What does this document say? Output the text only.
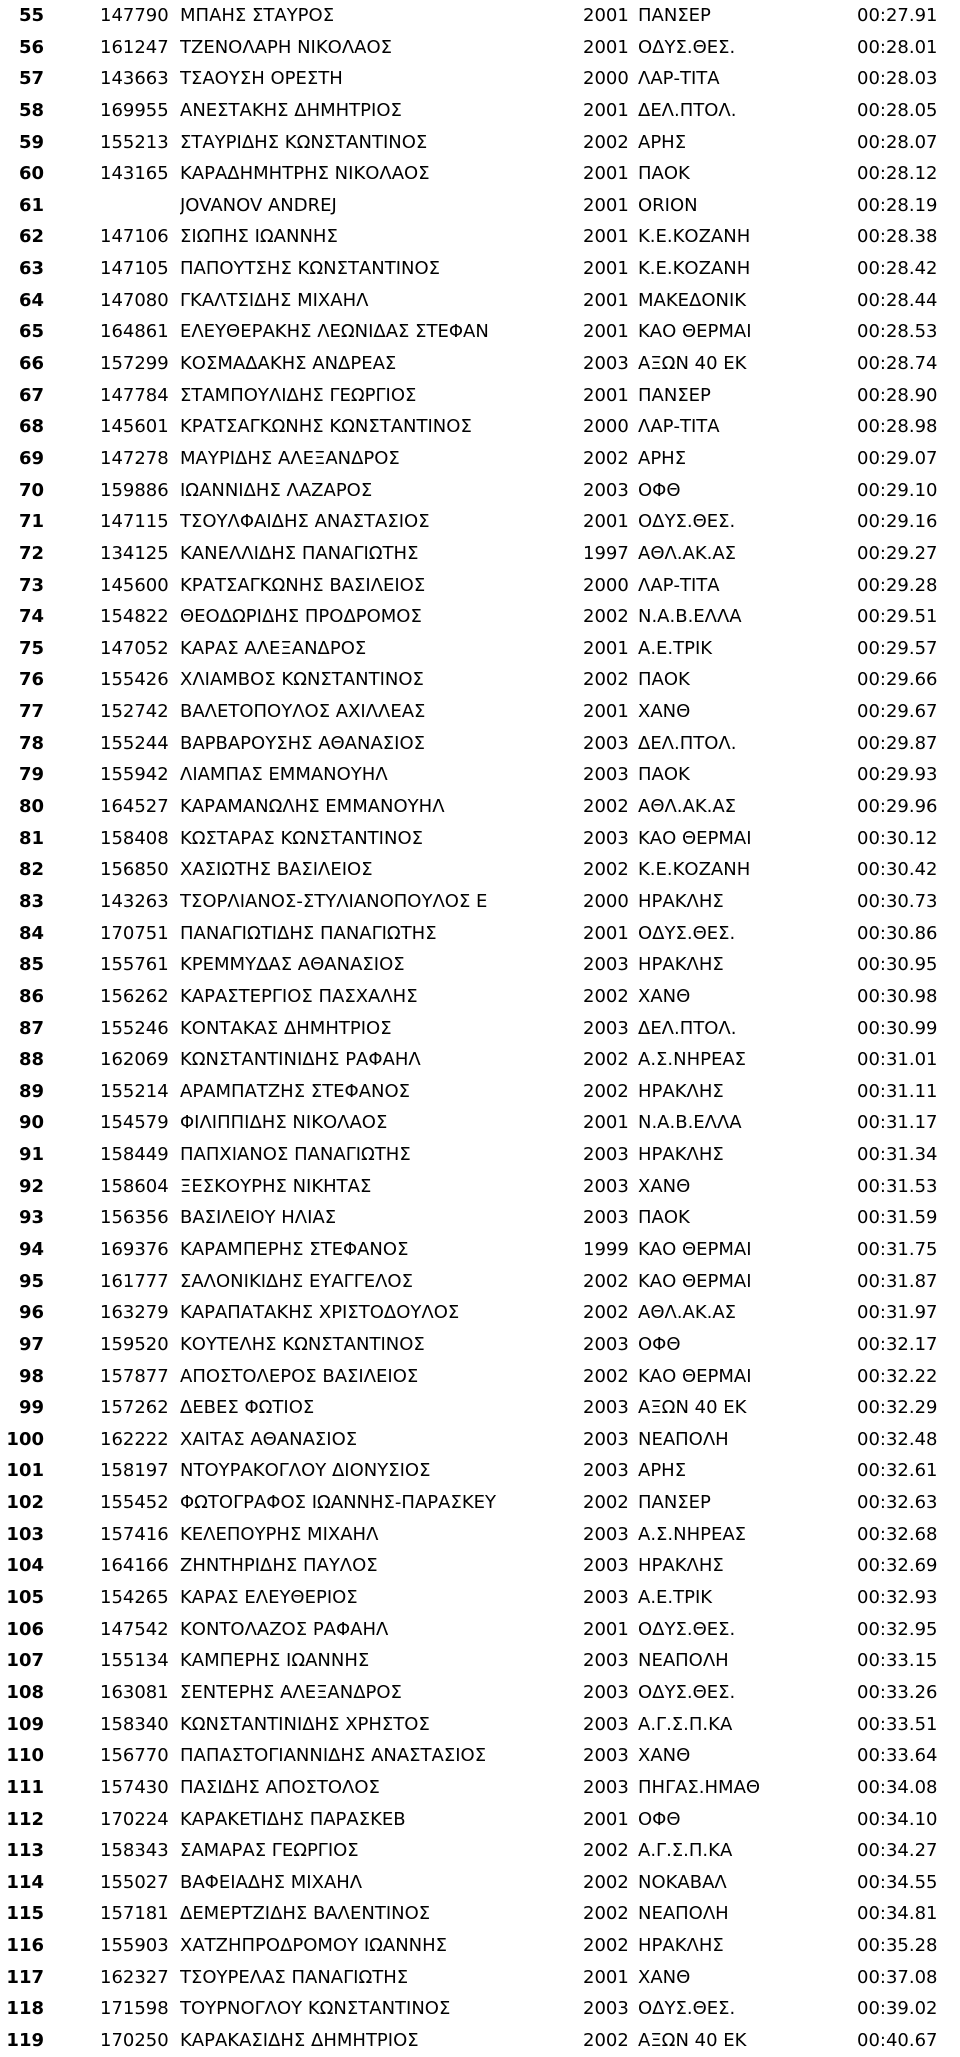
55	147790 ΜΠΑΗΣ ΣΤΑΥΡΟΣ	2001 ΠΑΝΣΕΡ	00:27.91
56	161247 ΤΖΕΝΟΛΑΡΗ ΝΙΚΟΛΑΟΣ	2001 ΟΔΥΣ.ΘΕΣ.	00:28.01
57	143663 ΤΣΑΟΥΣΗ ΟΡΕΣΤΗ	2000 ΛΑΡ-ΤΙΤΑ	00:28.03
58	169955 ΑΝΕΣΤΑΚΗΣ ΔΗΜΗΤΡΙΟΣ	2001 ΔΕΛ.ΠΤΟΛ.	00:28.05
59	155213 ΣΤΑΥΡΙΔΗΣ ΚΩΝΣΤΑΝΤΙΝΟΣ	2002 ΑΡΗΣ	00:28.07
60	143165 ΚΑΡΑΔΗΜΗΤΡΗΣ ΝΙΚΟΛΑΟΣ	2001 ΠΑΟΚ	00:28.12
61	JOVANOV ANDREJ	2001 ORION	00:28.19
62	147106 ΣΙΩΠΗΣ ΙΩΑΝΝΗΣ	2001 Κ.Ε.ΚΟΖΑΝΗ	00:28.38
63	147105 ΠΑΠΟΥΤΣΗΣ ΚΩΝΣΤΑΝΤΙΝΟΣ	2001 Κ.Ε.ΚΟΖΑΝΗ	00:28.42
64	147080 ΓΚΑΛΤΣΙΔΗΣ ΜΙΧΑΗΛ	2001 ΜΑΚΕΔΟΝΙΚ	00:28.44
65	164861 ΕΛΕΥΘΕΡΑΚΗΣ ΛΕΩΝΙΔΑΣ ΣΤΕΦΑΝ	2001 ΚΑΟ ΘΕΡΜΑΙ	00:28.53
66	157299 ΚΟΣΜΑΔΑΚΗΣ ΑΝΔΡΕΑΣ	2003 ΑΞΩΝ 40 ΕΚ	00:28.74
67	147784 ΣΤΑΜΠΟΥΛΙΔΗΣ ΓΕΩΡΓΙΟΣ	2001 ΠΑΝΣΕΡ	00:28.90
68	145601 ΚΡΑΤΣΑΓΚΩΝΗΣ ΚΩΝΣΤΑΝΤΙΝΟΣ	2000 ΛΑΡ-ΤΙΤΑ	00:28.98
69	147278 ΜΑΥΡΙΔΗΣ ΑΛΕΞΑΝΔΡΟΣ	2002 ΑΡΗΣ	00:29.07
70	159886 ΙΩΑΝΝΙΔΗΣ ΛΑΖΑΡΟΣ	2003 ΟΦΘ	00:29.10
71	147115 ΤΣΟΥΛΦΑΙΔΗΣ ΑΝΑΣΤΑΣΙΟΣ	2001 ΟΔΥΣ.ΘΕΣ.	00:29.16
72	134125 ΚΑΝΕΛΛΙΔΗΣ ΠΑΝΑΓΙΩΤΗΣ	1997 ΑΘΛ.ΑΚ.ΑΣ	00:29.27
73	145600 ΚΡΑΤΣΑΓΚΩΝΗΣ ΒΑΣΙΛΕΙΟΣ	2000 ΛΑΡ-ΤΙΤΑ	00:29.28
74	154822 ΘΕΟΔΩΡΙΔΗΣ ΠΡΟΔΡΟΜΟΣ	2002 Ν.Α.Β.ΕΛΛΑ	00:29.51
75	147052 ΚΑΡΑΣ ΑΛΕΞΑΝΔΡΟΣ	2001 Α.Ε.ΤΡΙΚ	00:29.57
76	155426 ΧΛΙΑΜΒΟΣ ΚΩΝΣΤΑΝΤΙΝΟΣ	2002 ΠΑΟΚ	00:29.66
77	152742 ΒΑΛΕΤΟΠΟΥΛΟΣ ΑΧΙΛΛΕΑΣ	2001 ΧΑΝΘ	00:29.67
78	155244 ΒΑΡΒΑΡΟΥΣΗΣ ΑΘΑΝΑΣΙΟΣ	2003 ΔΕΛ.ΠΤΟΛ.	00:29.87
79	155942 ΛΙΑΜΠΑΣ ΕΜΜΑΝΟΥΗΛ	2003 ΠΑΟΚ	00:29.93
80	164527 ΚΑΡΑΜΑΝΩΛΗΣ ΕΜΜΑΝΟΥΗΛ	2002 ΑΘΛ.ΑΚ.ΑΣ	00:29.96
81	158408 ΚΩΣΤΑΡΑΣ ΚΩΝΣΤΑΝΤΙΝΟΣ	2003 ΚΑΟ ΘΕΡΜΑΙ	00:30.12
82	156850 ΧΑΣΙΩΤΗΣ ΒΑΣΙΛΕΙΟΣ	2002 Κ.Ε.ΚΟΖΑΝΗ	00:30.42
83	143263 ΤΣΟΡΛΙΑΝΟΣ-ΣΤΥΛΙΑΝΟΠΟΥΛΟΣ Ε	2000 ΗΡΑΚΛΗΣ	00:30.73
84	170751 ΠΑΝΑΓΙΩΤΙΔΗΣ ΠΑΝΑΓΙΩΤΗΣ	2001 ΟΔΥΣ.ΘΕΣ.	00:30.86
85	155761 ΚΡΕΜΜΥΔΑΣ ΑΘΑΝΑΣΙΟΣ	2003 ΗΡΑΚΛΗΣ	00:30.95
86	156262 ΚΑΡΑΣΤΕΡΓΙΟΣ ΠΑΣΧΑΛΗΣ	2002 ΧΑΝΘ	00:30.98
87	155246 ΚΟΝΤΑΚΑΣ ΔΗΜΗΤΡΙΟΣ	2003 ΔΕΛ.ΠΤΟΛ.	00:30.99
88	162069 ΚΩΝΣΤΑΝΤΙΝΙΔΗΣ ΡΑΦΑΗΛ	2002 Α.Σ.ΝΗΡΕΑΣ	00:31.01
89	155214 ΑΡΑΜΠΑΤΖΗΣ ΣΤΕΦΑΝΟΣ	2002 ΗΡΑΚΛΗΣ	00:31.11
90	154579 ΦΙΛΙΠΠΙΔΗΣ ΝΙΚΟΛΑΟΣ	2001 Ν.Α.Β.ΕΛΛΑ	00:31.17
91	158449 ΠΑΠΧΙΑΝΟΣ ΠΑΝΑΓΙΩΤΗΣ	2003 ΗΡΑΚΛΗΣ	00:31.34
92	158604 ΞΕΣΚΟΥΡΗΣ ΝΙΚΗΤΑΣ	2003 ΧΑΝΘ	00:31.53
93	156356 ΒΑΣΙΛΕΙΟΥ ΗΛΙΑΣ	2003 ΠΑΟΚ	00:31.59
94	169376 ΚΑΡΑΜΠΕΡΗΣ ΣΤΕΦΑΝΟΣ	1999 ΚΑΟ ΘΕΡΜΑΙ	00:31.75
95	161777 ΣΑΛΟΝΙΚΙΔΗΣ ΕΥΑΓΓΕΛΟΣ	2002 ΚΑΟ ΘΕΡΜΑΙ	00:31.87
96	163279 ΚΑΡΑΠΑΤΑΚΗΣ ΧΡΙΣΤΟΔΟΥΛΟΣ	2002 ΑΘΛ.ΑΚ.ΑΣ	00:31.97
97	159520 ΚΟΥΤΕΛΗΣ ΚΩΝΣΤΑΝΤΙΝΟΣ	2003 ΟΦΘ	00:32.17
98	157877 ΑΠΟΣΤΟΛΕΡΟΣ ΒΑΣΙΛΕΙΟΣ	2002 ΚΑΟ ΘΕΡΜΑΙ	00:32.22
99	157262 ΔΕΒΕΣ ΦΩΤΙΟΣ	2003 ΑΞΩΝ 40 ΕΚ	00:32.29
100	162222 ΧΑΙΤΑΣ ΑΘΑΝΑΣΙΟΣ	2003 ΝΕΑΠΟΛΗ	00:32.48
101	158197 ΝΤΟΥΡΑΚΟΓΛΟΥ ΔΙΟΝΥΣΙΟΣ	2003 ΑΡΗΣ	00:32.61
102	155452 ΦΩΤΟΓΡΑΦΟΣ ΙΩΑΝΝΗΣ-ΠΑΡΑΣΚΕΥ	2002 ΠΑΝΣΕΡ	00:32.63
103	157416 ΚΕΛΕΠΟΥΡΗΣ ΜΙΧΑΗΛ	2003 Α.Σ.ΝΗΡΕΑΣ	00:32.68
104	164166 ΖΗΝΤΗΡΙΔΗΣ ΠΑΥΛΟΣ	2003 ΗΡΑΚΛΗΣ	00:32.69
105	154265 ΚΑΡΑΣ ΕΛΕΥΘΕΡΙΟΣ	2003 Α.Ε.ΤΡΙΚ	00:32.93
106	147542 ΚΟΝΤΟΛΑΖΟΣ ΡΑΦΑΗΛ	2001 ΟΔΥΣ.ΘΕΣ.	00:32.95
107	155134 ΚΑΜΠΕΡΗΣ ΙΩΑΝΝΗΣ	2003 ΝΕΑΠΟΛΗ	00:33.15
108	163081 ΣΕΝΤΕΡΗΣ ΑΛΕΞΑΝΔΡΟΣ	2003 ΟΔΥΣ.ΘΕΣ.	00:33.26
109	158340 ΚΩΝΣΤΑΝΤΙΝΙΔΗΣ ΧΡΗΣΤΟΣ	2003 Α.Γ.Σ.Π.ΚΑ	00:33.51
110	156770 ΠΑΠΑΣΤΟΓΙΑΝΝΙΔΗΣ ΑΝΑΣΤΑΣΙΟΣ	2003 ΧΑΝΘ	00:33.64
111	157430 ΠΑΣΙΔΗΣ ΑΠΟΣΤΟΛΟΣ	2003 ΠΗΓΑΣ.ΗΜΑΘ	00:34.08
112	170224 ΚΑΡΑΚΕΤΙΔΗΣ ΠΑΡΑΣΚΕΒ	2001 ΟΦΘ	00:34.10
113	158343 ΣΑΜΑΡΑΣ ΓΕΩΡΓΙΟΣ	2002 Α.Γ.Σ.Π.ΚΑ	00:34.27
114	155027 ΒΑΦΕΙΑΔΗΣ ΜΙΧΑΗΛ	2002 ΝΟΚΑΒΑΛ	00:34.55
115	157181 ΔΕΜΕΡΤΖΙΔΗΣ ΒΑΛΕΝΤΙΝΟΣ	2002 ΝΕΑΠΟΛΗ	00:34.81
116	155903 ΧΑΤΖΗΠΡΟΔΡΟΜΟΥ ΙΩΑΝΝΗΣ	2002 ΗΡΑΚΛΗΣ	00:35.28
117	162327 ΤΣΟΥΡΕΛΑΣ ΠΑΝΑΓΙΩΤΗΣ	2001 ΧΑΝΘ	00:37.08
118	171598 ΤΟΥΡΝΟΓΛΟΥ ΚΩΝΣΤΑΝΤΙΝΟΣ	2003 ΟΔΥΣ.ΘΕΣ.	00:39.02
119	170250 ΚΑΡΑΚΑΣΙΔΗΣ ΔΗΜΗΤΡΙΟΣ	2002 ΑΞΩΝ 40 ΕΚ	00:40.67
